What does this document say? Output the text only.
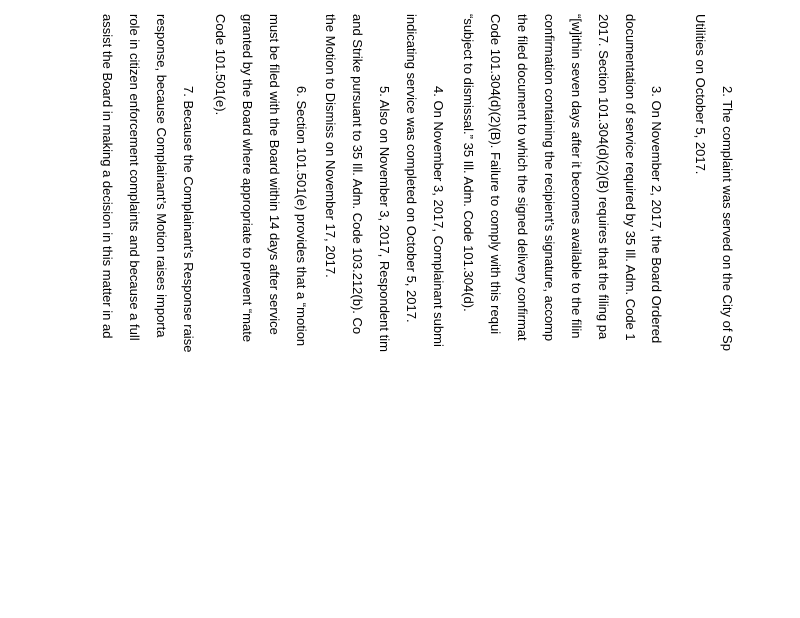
2. The complaint was served on the City of Sp
Utilities on October 5, 2017.
3. On November 2, 2017, the Board Ordered
documentation of service required by 35 Ill. Adm. Code 1
2017. Section 101.304(d)(2)(B) requires that the filing pa
“[w]ithin seven days after it becomes available to the filin
confirmation containing the recipient’s signature, accomp
the filed document to which the signed delivery confirmat
Code 101.304(d)(2)(B). Failure to comply with this requi
“subject to dismissal.” 35 Ill. Adm. Code 101.304(d).
4. On November 3, 2017, Complainant submi
indicating service was completed on October 5, 2017.
5. Also on November 3, 2017, Respondent tim
and Strike pursuant to 35 Ill. Adm. Code 103.212(b). Co
the Motion to Dismiss on November 17, 2017.
6. Section 101.501(e) provides that a “motion
must be filed with the Board within 14 days after service
granted by the Board where appropriate to prevent “mate
Code 101.501(e).
7. Because the Complainant’s Response raise
response, because Complainant’s Motion raises importa
role in citizen enforcement complaints and because a full
assist the Board in making a decision in this matter in ad
